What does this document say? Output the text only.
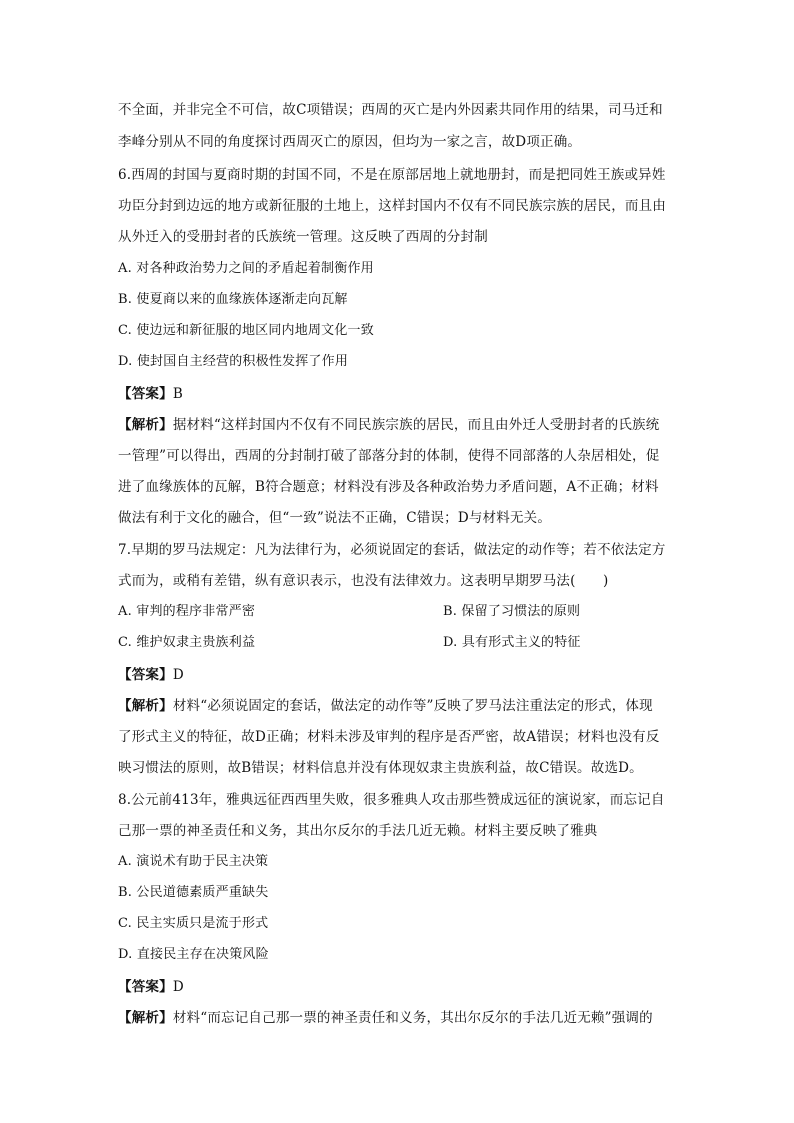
不全面，并非完全不可信，故C项错误；西周的灭亡是内外因素共同作用的结果，司马迁和
李峰分别从不同的角度探讨西周灭亡的原因，但均为一家之言，故D项正确。
6.西周的封国与夏商时期的封国不同，不是在原部居地上就地册封，而是把同姓王族或异姓
功臣分封到边远的地方或新征服的土地上，这样封国内不仅有不同民族宗族的居民，而且由
从外迁入的受册封者的氏族统一管理。这反映了西周的分封制
A. 对各种政治势力之间的矛盾起着制衡作用
B. 使夏商以来的血缘族体逐渐走向瓦解
C. 使边远和新征服的地区同内地周文化一致
D. 使封国自主经营的积极性发挥了作用
【答案】B
【解析】据材料“这样封国内不仅有不同民族宗族的居民，而且由外迁人受册封者的氏族统
一管理”可以得出，西周的分封制打破了部落分封的体制，使得不同部落的人杂居相处，促
进了血缘族体的瓦解，B符合题意；材料没有涉及各种政治势力矛盾问题，A不正确；材料
做法有利于文化的融合，但“一致”说法不正确，C错误；D与材料无关。
7.早期的罗马法规定：凡为法律行为，必须说固定的套话，做法定的动作等；若不依法定方
式而为，或稍有差错，纵有意识表示，也没有法律效力。这表明早期罗马法(　　)
A. 审判的程序非常严密	B. 保留了习惯法的原则
C. 维护奴隶主贵族利益	D. 具有形式主义的特征
【答案】D
【解析】材料“必须说固定的套话，做法定的动作等”反映了罗马法注重法定的形式，体现
了形式主义的特征，故D正确；材料未涉及审判的程序是否严密，故A错误；材料也没有反
映习惯法的原则，故B错误；材料信息并没有体现奴隶主贵族利益，故C错误。故选D。
8.公元前413年，雅典远征西西里失败，很多雅典人攻击那些赞成远征的演说家，而忘记自
己那一票的神圣责任和义务，其出尔反尔的手法几近无赖。材料主要反映了雅典
A. 演说术有助于民主决策
B. 公民道德素质严重缺失
C. 民主实质只是流于形式
D. 直接民主存在决策风险
【答案】D
【解析】材料“而忘记自己那一票的神圣责任和义务，其出尔反尔的手法几近无赖”强调的
